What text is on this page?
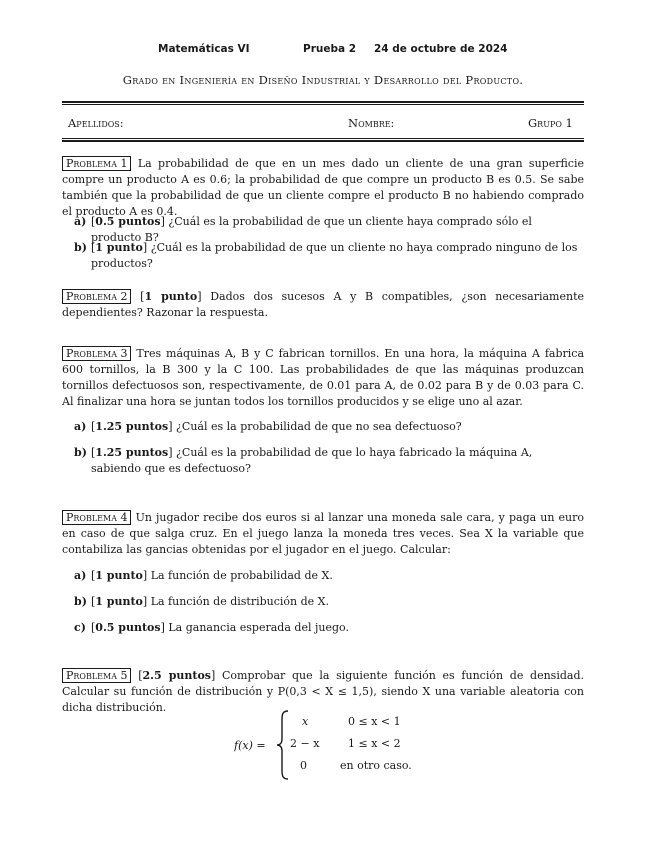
Matemáticas VI	Prueba 2 24 de octubre de 2024
Grado en Ingeniería en Diseño Industrial y Desarrollo del Producto.
Apellidos:	Nombre:	Grupo 1
Problema 1 La probabilidad de que en un mes dado un cliente de una gran superficie compre un producto A es 0.6; la probabilidad de que compre un producto B es 0.5. Se sabe también que la probabilidad de que un cliente compre el producto B no habiendo comprado el producto A es 0.4.
a) [0.5 puntos] ¿Cuál es la probabilidad de que un cliente haya comprado sólo el producto B?
b) [1 punto] ¿Cuál es la probabilidad de que un cliente no haya comprado ninguno de los productos?
Problema 2 [1 punto] Dados dos sucesos A y B compatibles, ¿son necesariamente dependientes? Razonar la respuesta.
Problema 3 Tres máquinas A, B y C fabrican tornillos. En una hora, la máquina A fabrica 600 tornillos, la B 300 y la C 100. Las probabilidades de que las máquinas produzcan tornillos defectuosos son, respectivamente, de 0.01 para A, de 0.02 para B y de 0.03 para C. Al finalizar una hora se juntan todos los tornillos producidos y se elige uno al azar.
a) [1.25 puntos] ¿Cuál es la probabilidad de que no sea defectuoso?
b) [1.25 puntos] ¿Cuál es la probabilidad de que lo haya fabricado la máquina A, sabiendo que es defectuoso?
Problema 4 Un jugador recibe dos euros si al lanzar una moneda sale cara, y paga un euro en caso de que salga cruz. En el juego lanza la moneda tres veces. Sea X la variable que contabiliza las gancias obtenidas por el jugador en el juego. Calcular:
a) [1 punto] La función de probabilidad de X.
b) [1 punto] La función de distribución de X.
c) [0.5 puntos] La ganancia esperada del juego.
Problema 5 [2.5 puntos] Comprobar que la siguiente función es función de densidad. Calcular su función de distribución y P(0,3 < X ≤ 1,5), siendo X una variable aleatoria con dicha distribución.
f(x) =
x	0 ≤ x < 1
2 − x	1 ≤ x < 2
0	en otro caso.
